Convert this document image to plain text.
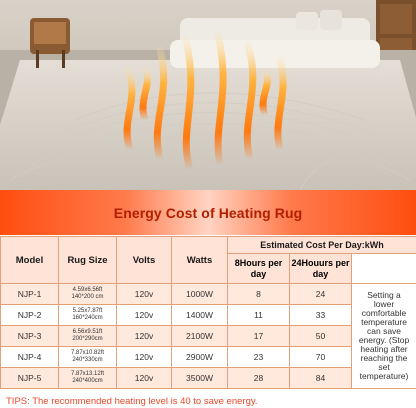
Energy Cost of Heating Rug
Model	Rug Size	Volts	Watts	Estimated Cost Per Day:kWh		
				8Hours per day	24Houurs per day	
NJP-1	4.59x6.56ft
140*200 cm	120v	1000W	8	24	Setting a lower comfortable temperature can save energy. (Stop heating after reaching the set temperature)
NJP-2	5.25x7.87ft
160*240cm	120v	1400W	11	33	
NJP-3	6.56x9.51ft
200*290cm	120v	2100W	17	50	
NJP-4	7.87x10.82ft
240*330cm	120v	2900W	23	70	
NJP-5	7.87x13.12ft
240*400cm	120v	3500W	28	84	
TIPS: The recommended heating level is 40 to save energy.
